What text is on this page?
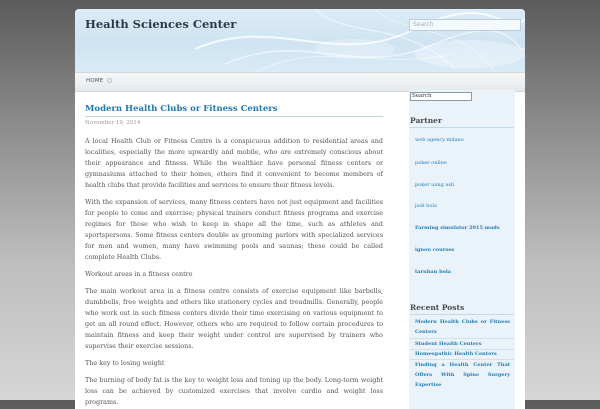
Health Sciences Center	Search
HOME
Modern Health Clubs or Fitness Centers
November 19, 2014

A local Health Club or Fitness Centre is a conspicuous addition to residential areas and localities, especially the more upwardly and mobile, who are extremely conscious about their appearance and fitness. While the wealthier have personal fitness centers or gymnasiums attached to their homes, others find it convenient to become members of health clubs that provide facilities and services to ensure their fitness levels.

With the expansion of services, many fitness centers have not just equipment and facilities for people to come and exercise; physical trainers conduct fitness programs and exercise regimes for those who wish to keep in shape all the time, such as athletes and sportspersons. Some fitness centers double as grooming parlors with specialized services for men and women, many have swimming pools and saunas; these could be called complete Health Clubs.

Workout areas in a fitness centre

The main workout area in a fitness centre consists of exercise equipment like barbells, dumbbells, free weights and others like stationery cycles and treadmills. Generally, people who work out in such fitness centers divide their time exercising on various equipment to get an all round effect. However, others who are required to follow certain procedures to maintain fitness and keep their weight under control are supervised by trainers who supervise their exercise sessions.

The key to losing weight

The burning of body fat is the key to weight loss and toning up the body. Long-term weight loss can be achieved by customized exercises that involve cardio and weight loss programs.

Search
Partner
web agency milano
poker online
poker uang asli
judi bola
Farming simulator 2015 mods
ignou courses
taruhan bola
Recent Posts
Modern Health Clubs or Fitness Centers
Student Health Centers
Homeopathic Health Centers
Finding a Health Center That Offers With Spine Surgery Expertise
